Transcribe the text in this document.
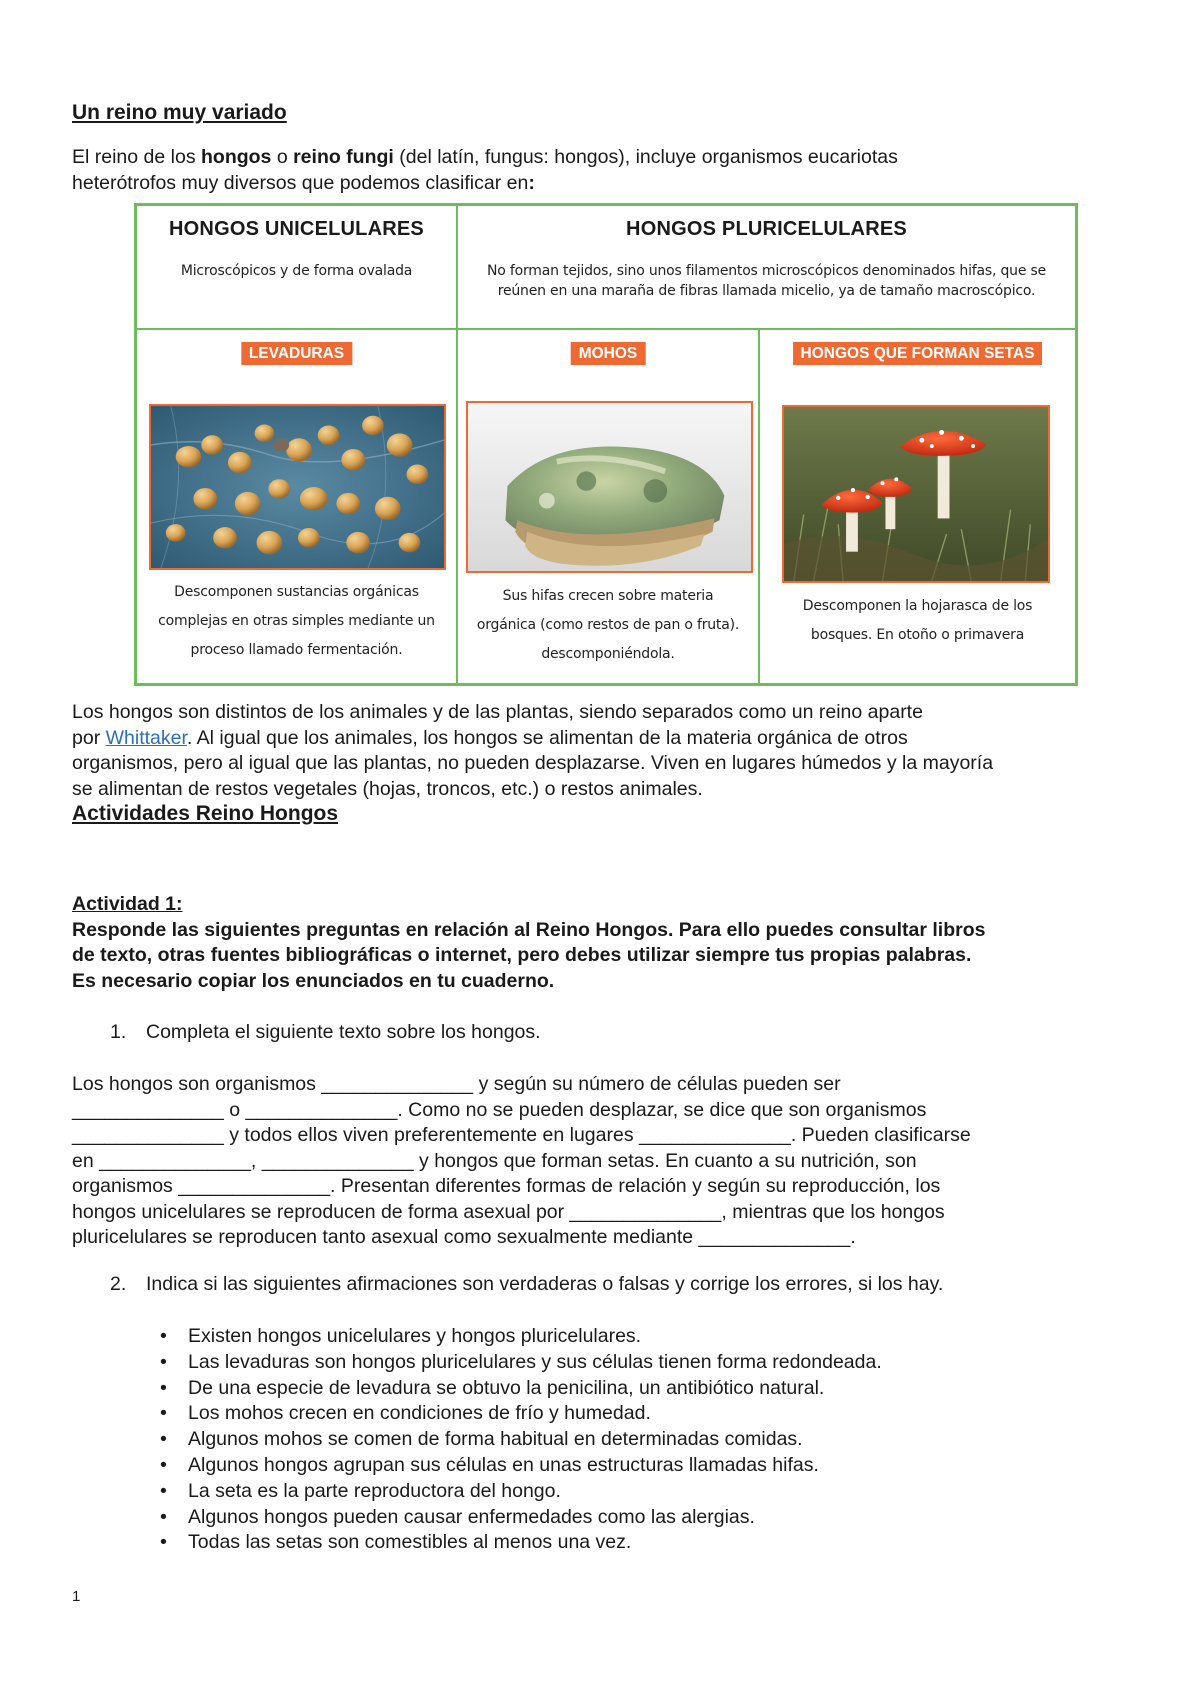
Un reino muy variado
El reino de los hongos o reino fungi (del latín, fungus: hongos), incluye organismos eucariotas
heterótrofos muy diversos que podemos clasificar en:
HONGOS UNICELULARES
Microscópicos y de forma ovalada
HONGOS PLURICELULARES
No forman tejidos, sino unos filamentos microscópicos denominados hifas, que se
reúnen en una maraña de fibras llamada micelio, ya de tamaño macroscópico.
LEVADURAS
Descomponen sustancias orgánicas
complejas en otras simples mediante un
proceso llamado fermentación.
MOHOS
Sus hifas crecen sobre materia
orgánica (como restos de pan o fruta).
descomponiéndola.
HONGOS QUE FORMAN SETAS
Descomponen la hojarasca de los
bosques. En otoño o primavera
Los hongos son distintos de los animales y de las plantas, siendo separados como un reino aparte
por Whittaker. Al igual que los animales, los hongos se alimentan de la materia orgánica de otros
organismos, pero al igual que las plantas, no pueden desplazarse. Viven en lugares húmedos y la mayoría
se alimentan de restos vegetales (hojas, troncos, etc.) o restos animales.
Actividades Reino Hongos
Actividad 1:
Responde las siguientes preguntas en relación al Reino Hongos. Para ello puedes consultar libros
de texto, otras fuentes bibliográficas o internet, pero debes utilizar siempre tus propias palabras.
Es necesario copiar los enunciados en tu cuaderno.
1. Completa el siguiente texto sobre los hongos.
Los hongos son organismos ______________ y según su número de células pueden ser
______________ o ______________. Como no se pueden desplazar, se dice que son organismos
______________ y todos ellos viven preferentemente en lugares ______________. Pueden clasificarse
en ______________, ______________ y hongos que forman setas. En cuanto a su nutrición, son
organismos ______________. Presentan diferentes formas de relación y según su reproducción, los
hongos unicelulares se reproducen de forma asexual por ______________, mientras que los hongos
pluricelulares se reproducen tanto asexual como sexualmente mediante ______________.
2. Indica si las siguientes afirmaciones son verdaderas o falsas y corrige los errores, si los hay.
• Existen hongos unicelulares y hongos pluricelulares.
• Las levaduras son hongos pluricelulares y sus células tienen forma redondeada.
• De una especie de levadura se obtuvo la penicilina, un antibiótico natural.
• Los mohos crecen en condiciones de frío y humedad.
• Algunos mohos se comen de forma habitual en determinadas comidas.
• Algunos hongos agrupan sus células en unas estructuras llamadas hifas.
• La seta es la parte reproductora del hongo.
• Algunos hongos pueden causar enfermedades como las alergias.
• Todas las setas son comestibles al menos una vez.
1
